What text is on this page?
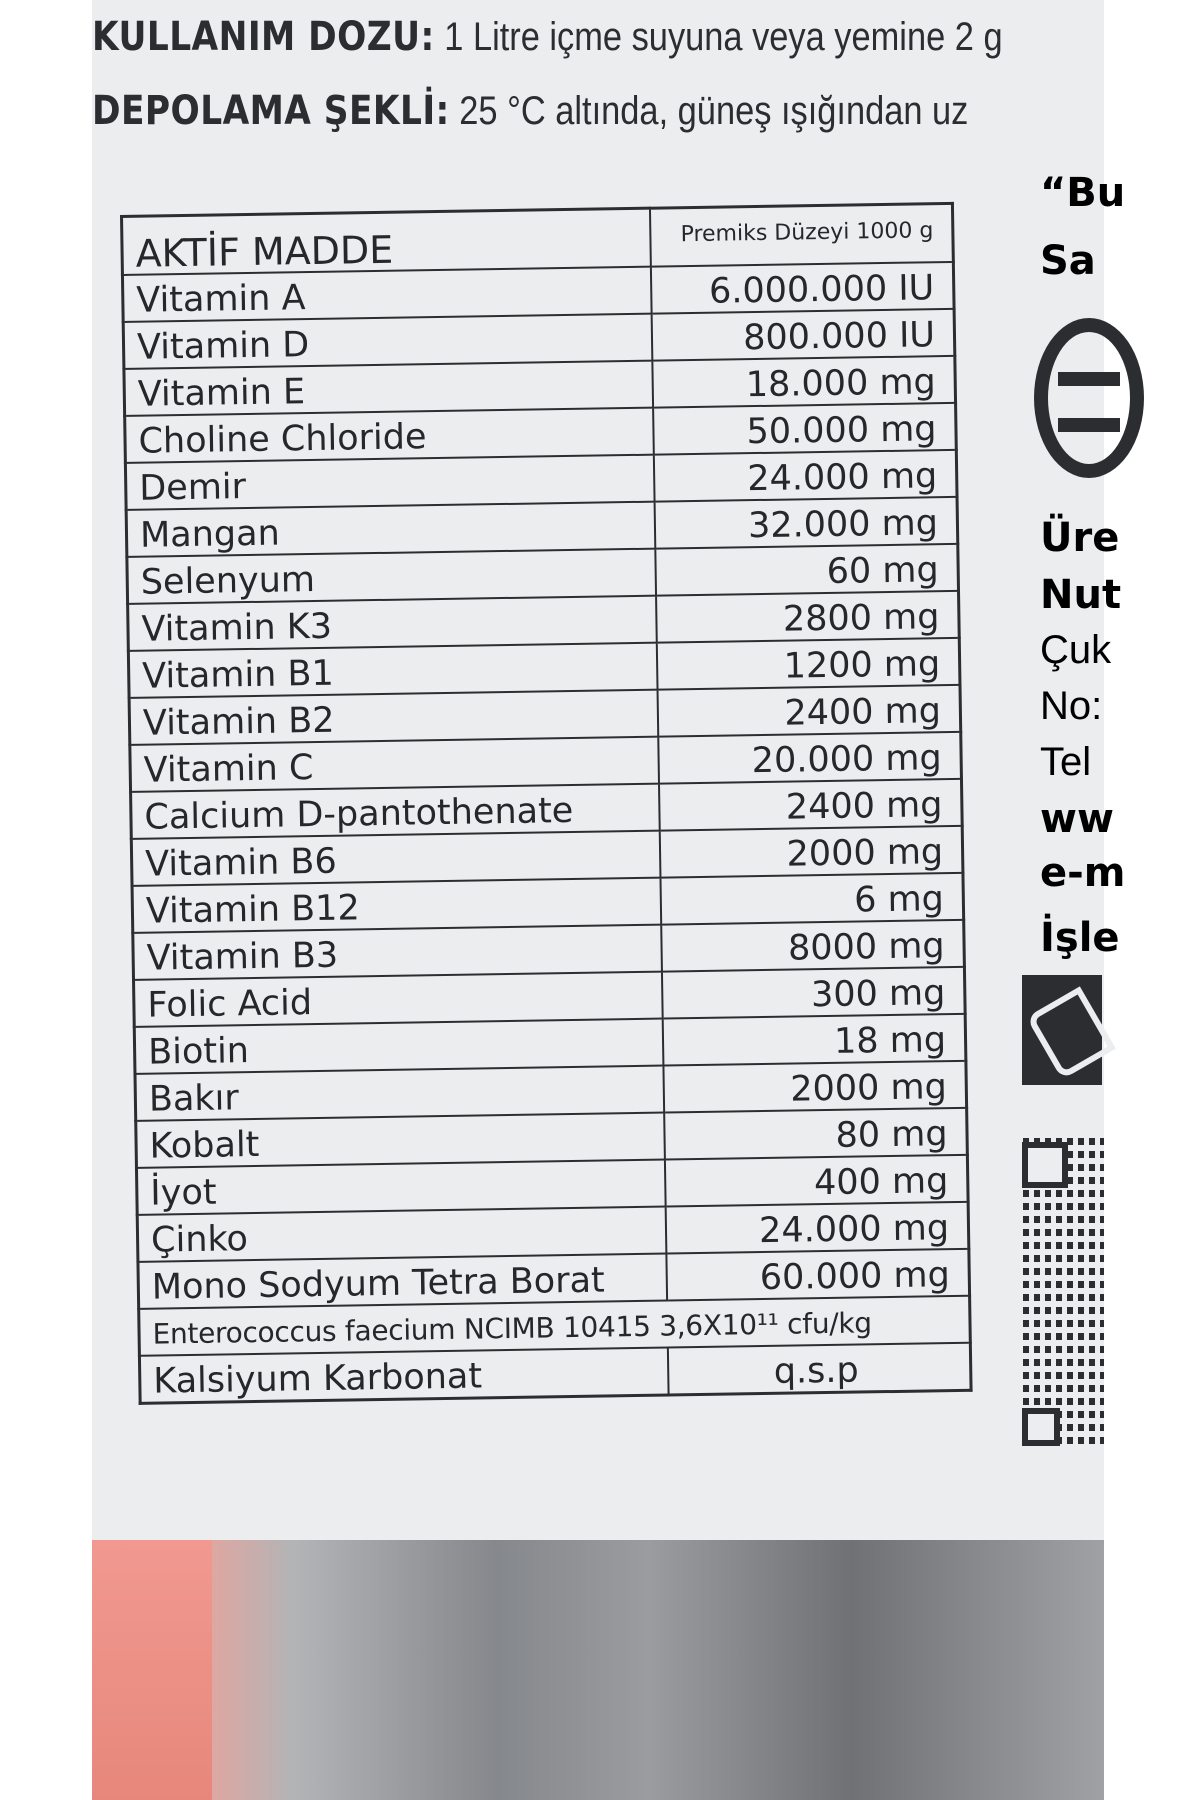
KULLANIM DOZU: 1 Litre içme suyuna veya yemine 2 g
DEPOLAMA ŞEKLİ: 25 °C altında, güneş ışığından uz
AKTİF MADDE	Premiks Düzeyi 1000 g
Vitamin A	6.000.000 IU
Vitamin D	800.000 IU
Vitamin E	18.000 mg
Choline Chloride	50.000 mg
Demir	24.000 mg
Mangan	32.000 mg
Selenyum	60 mg
Vitamin K3	2800 mg
Vitamin B1	1200 mg
Vitamin B2	2400 mg
Vitamin C	20.000 mg
Calcium D-pantothenate	2400 mg
Vitamin B6	2000 mg
Vitamin B12	6 mg
Vitamin B3	8000 mg
Folic Acid	300 mg
Biotin	18 mg
Bakır	2000 mg
Kobalt	80 mg
İyot	400 mg
Çinko	24.000 mg
Mono Sodyum Tetra Borat	60.000 mg
Enterococcus faecium NCIMB 10415 3,6X10¹¹ cfu/kg	
Kalsiyum Karbonat	q.s.p
“Bu
Sa
Üre
Nut
Çuk
No:
Tel
ww
e-m
İşle
